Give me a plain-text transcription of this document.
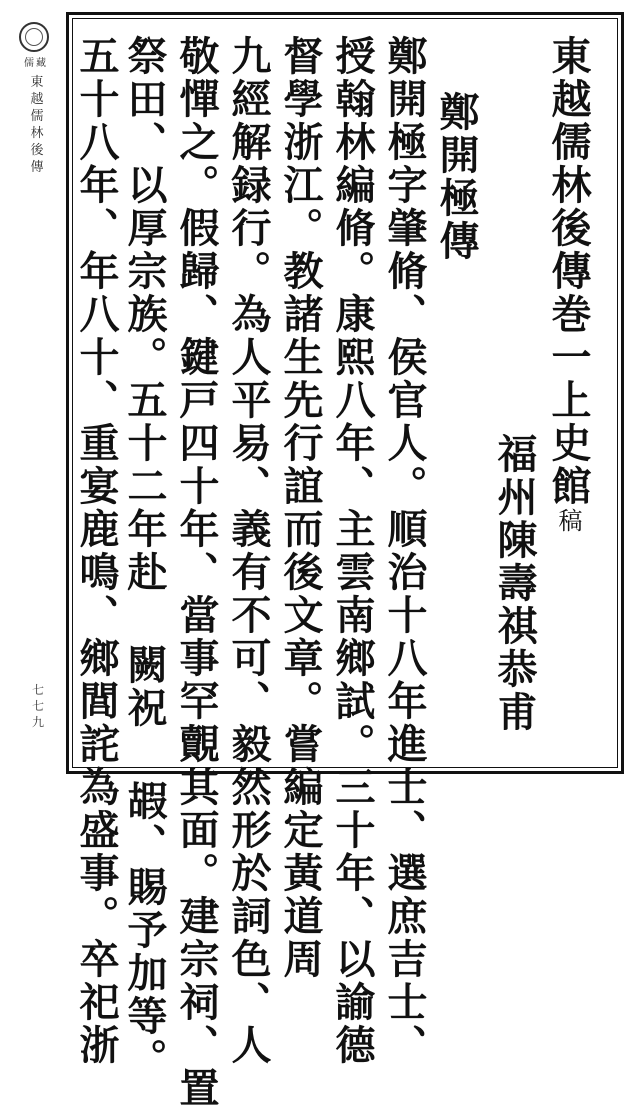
儒藏
東越儒林後傳
七七九
東越儒林後傳巻一上史館稿
福州陳壽祺恭甫
鄭開極傳
鄭開極字肇脩、侯官人。順治十八年進士、選庶吉士、
授翰林編脩。康熙八年、主雲南鄉試。三十年、以諭德
督學浙江。教諸生先行誼而後文章。嘗編定黃道周
九經解録行。為人平易、義有不可、毅然形於詞色、人
敬憚之。假歸、鍵戸四十年、當事罕覿其面。建宗祠、置
祭田、以厚宗族。五十二年赴 闕祝 嘏、賜予加等。
五十八年、年八十、重宴鹿鳴、鄉閭詫為盛事。卒祀浙
